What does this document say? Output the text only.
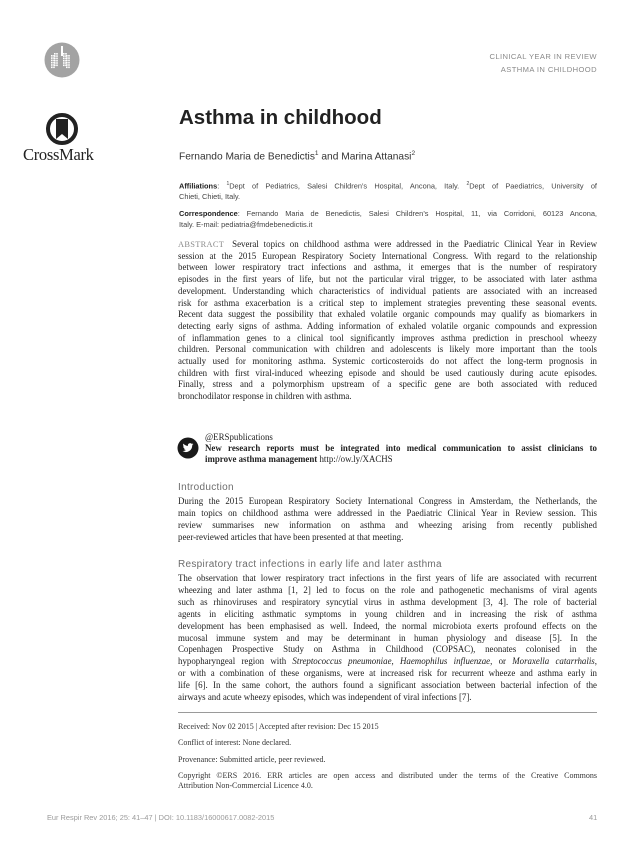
CLINICAL YEAR IN REVIEW
ASTHMA IN CHILDHOOD
CrossMark
Asthma in childhood
Fernando Maria de Benedictis$^1$ and Marina Attanasi$^2$
Affiliations: $^1$Dept of Pediatrics, Salesi Children’s Hospital, Ancona, Italy. $^2$Dept of Paediatrics, University of
Chieti, Chieti, Italy.
Correspondence: Fernando Maria de Benedictis, Salesi Children’s Hospital, 11, via Corridoni, 60123 Ancona,
Italy. E-mail: pediatria@fmdebenedictis.it
ABSTRACT Several topics on childhood asthma were addressed in the Paediatric Clinical Year in Review
session at the 2015 European Respiratory Society International Congress. With regard to the relationship
between lower respiratory tract infections and asthma, it emerges that is the number of respiratory
episodes in the first years of life, but not the particular viral trigger, to be associated with later asthma
development. Understanding which characteristics of individual patients are associated with an increased
risk for asthma exacerbation is a critical step to implement strategies preventing these seasonal events.
Recent data suggest the possibility that exhaled volatile organic compounds may qualify as biomarkers in
detecting early signs of asthma. Adding information of exhaled volatile organic compounds and expression
of inflammation genes to a clinical tool significantly improves asthma prediction in preschool wheezy
children. Personal communication with children and adolescents is likely more important than the tools
actually used for monitoring asthma. Systemic corticosteroids do not affect the long-term prognosis in
children with first viral-induced wheezing episode and should be used cautiously during acute episodes.
Finally, stress and a polymorphism upstream of a specific gene are both associated with reduced
bronchodilator response in children with asthma.
@ERSpublications
New research reports must be integrated into medical communication to assist clinicians to
improve asthma management http://ow.ly/XACHS
Introduction
During the 2015 European Respiratory Society International Congress in Amsterdam, the Netherlands, the
main topics on childhood asthma were addressed in the Paediatric Clinical Year in Review session. This
review summarises new information on asthma and wheezing arising from recently published
peer-reviewed articles that have been presented at that meeting.
Respiratory tract infections in early life and later asthma
The observation that lower respiratory tract infections in the first years of life are associated with recurrent
wheezing and later asthma [1, 2] led to focus on the role and pathogenetic mechanisms of viral agents
such as rhinoviruses and respiratory syncytial virus in asthma development [3, 4]. The role of bacterial
agents in eliciting asthmatic symptoms in young children and in increasing the risk of asthma
development has been emphasised as well. Indeed, the normal microbiota exerts profound effects on the
mucosal immune system and may be determinant in human physiology and disease [5]. In the
Copenhagen Prospective Study on Asthma in Childhood (COPSAC), neonates colonised in the
hypopharyngeal region with Streptococcus pneumoniae, Haemophilus influenzae, or Moraxella catarrhalis,
or with a combination of these organisms, were at increased risk for recurrent wheeze and asthma early in
life [6]. In the same cohort, the authors found a significant association between bacterial infection of the
airways and acute wheezy episodes, which was independent of viral infections [7].
Received: Nov 02 2015 | Accepted after revision: Dec 15 2015
Conflict of interest: None declared.
Provenance: Submitted article, peer reviewed.
Copyright ©ERS 2016. ERR articles are open access and distributed under the terms of the Creative Commons
Attribution Non-Commercial Licence 4.0.
Eur Respir Rev 2016; 25: 41–47 | DOI: 10.1183/16000617.0082-2015	41
